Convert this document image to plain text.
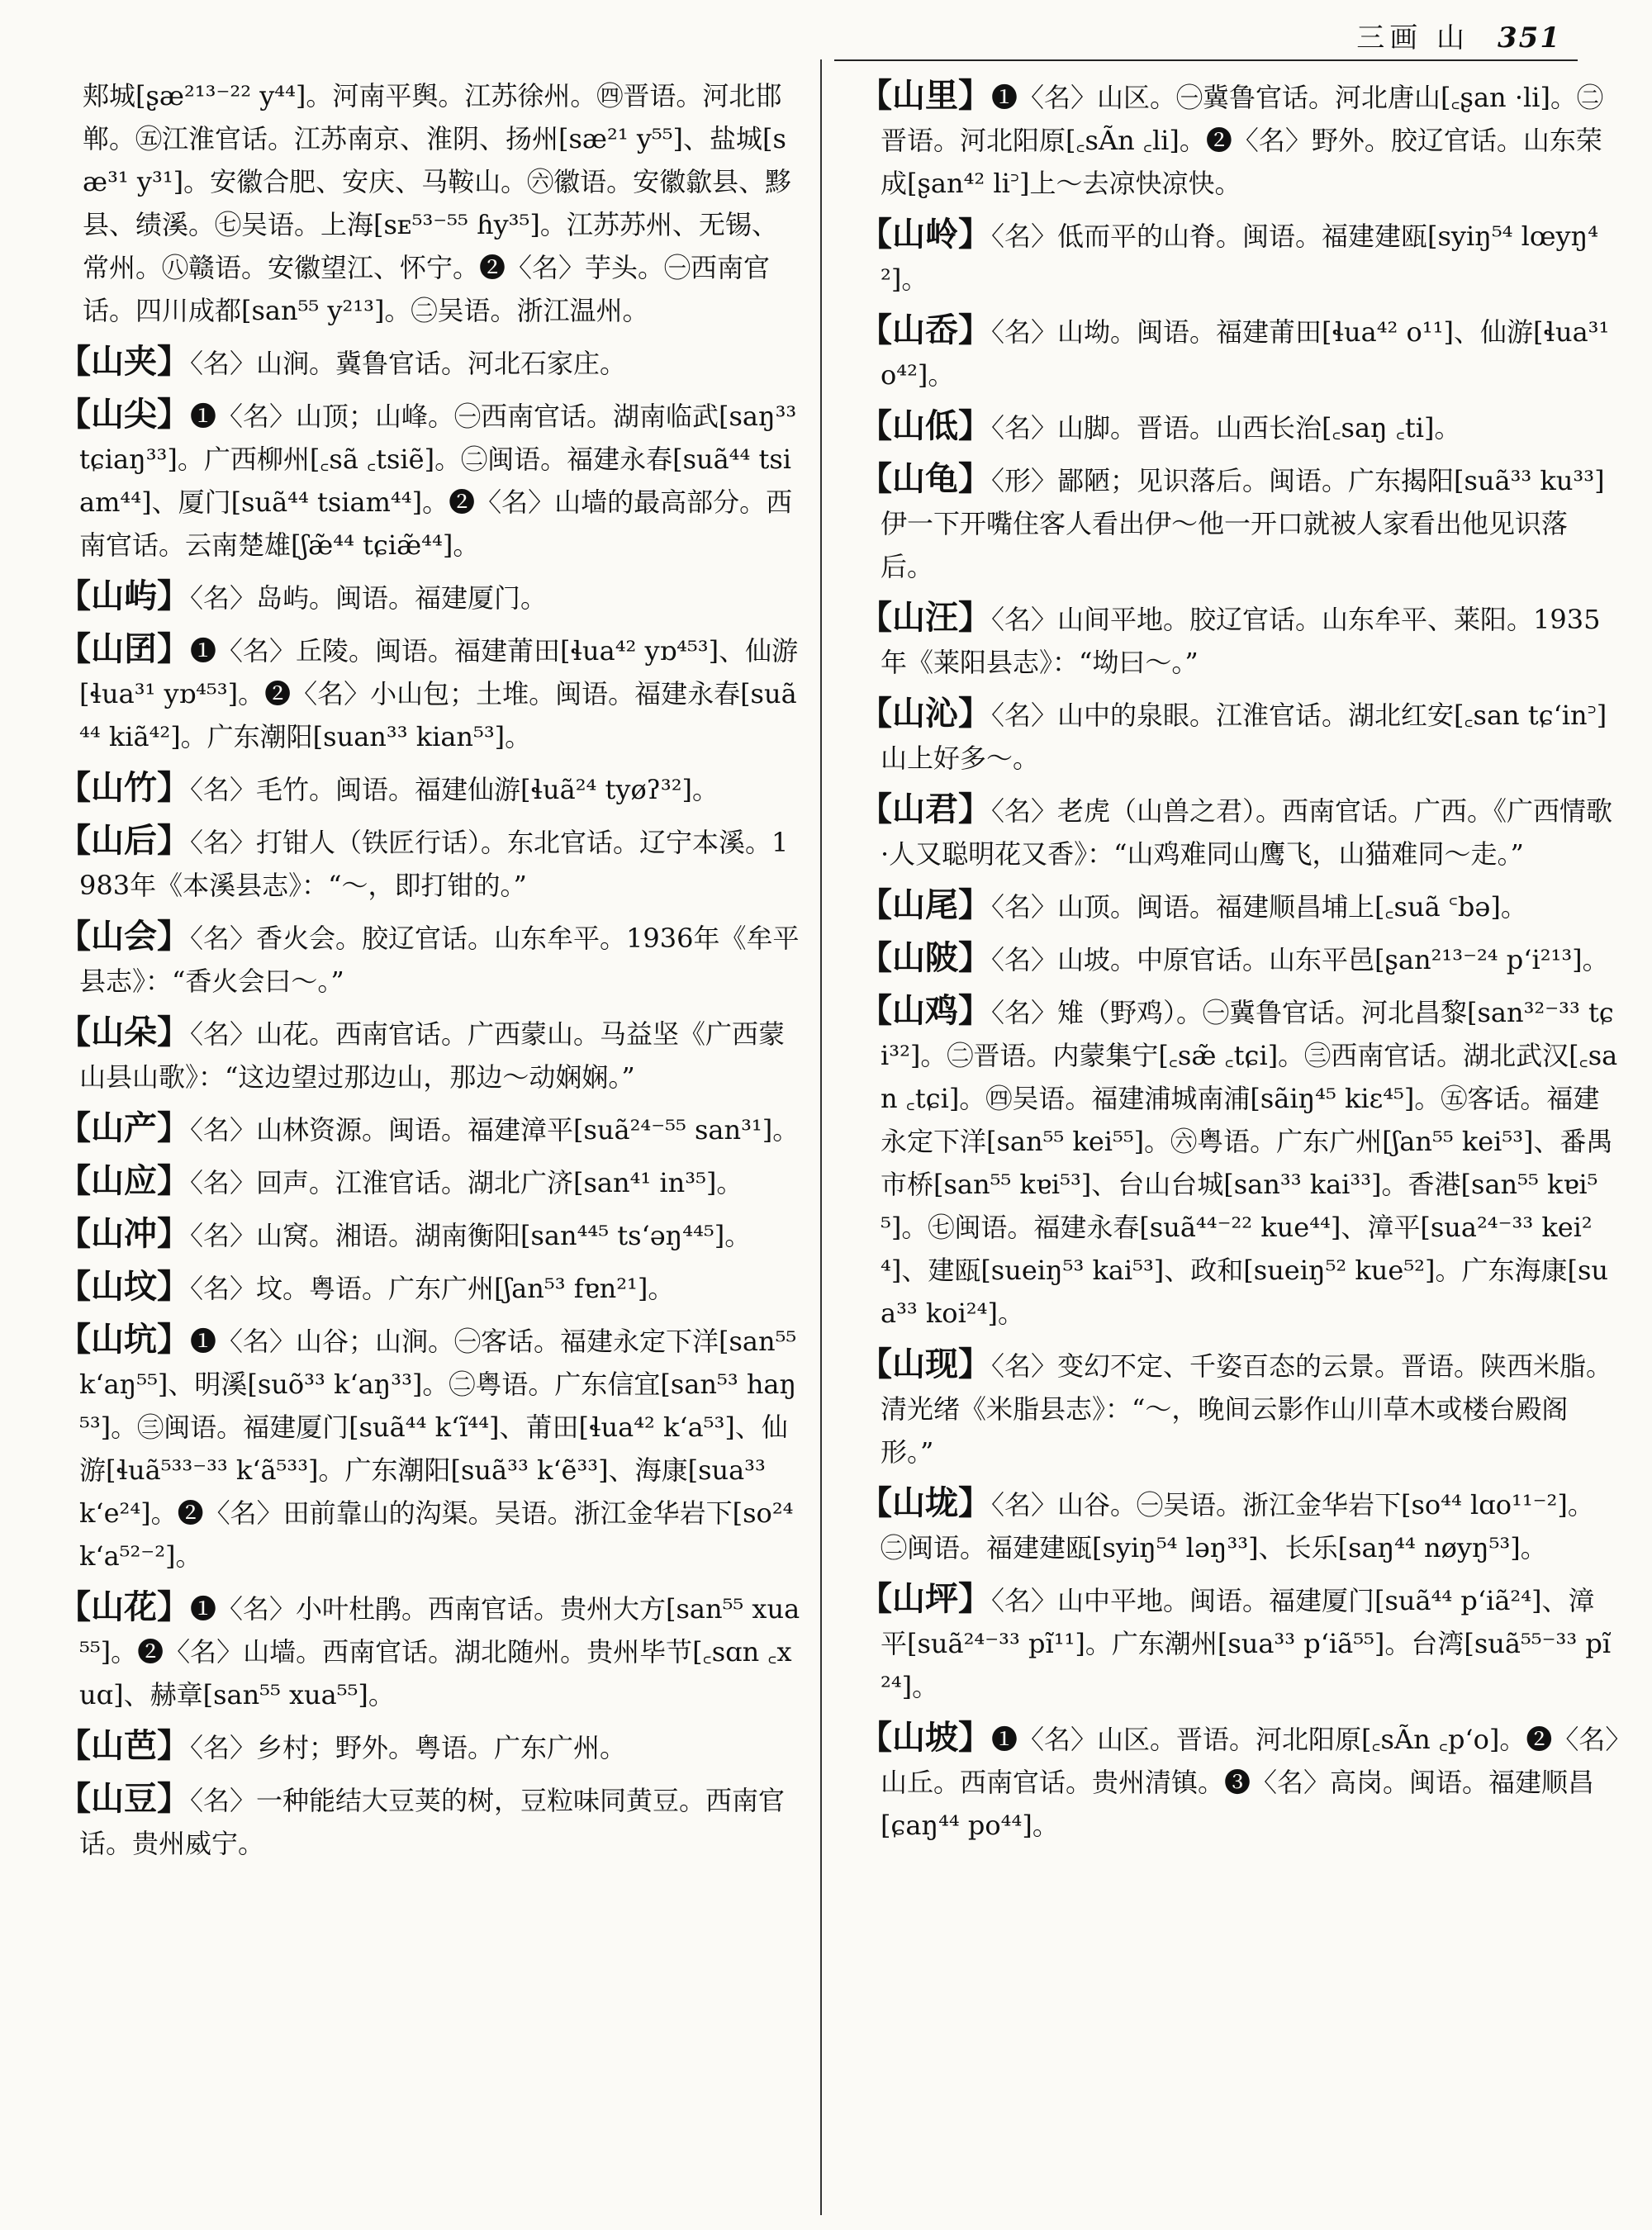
三画 山 351

郏城[ʂæ²¹³⁻²² y⁴⁴]。河南平舆。江苏徐州。㊃晋语。河北邯郸。㊄江淮官话。江苏南京、淮阴、扬州[sæ²¹ y⁵⁵]、盐城[sæ³¹ y³¹]。安徽合肥、安庆、马鞍山。㊅徽语。安徽歙县、黟县、绩溪。㊆吴语。上海[sᴇ⁵³⁻⁵⁵ ɦy³⁵]。江苏苏州、无锡、常州。㊇赣语。安徽望江、怀宁。❷〈名〉芋头。㊀西南官话。四川成都[san⁵⁵ y²¹³]。㊁吴语。浙江温州。

【 山夹 】 〈名〉山涧。冀鲁官话。河北石家庄。

【 山尖 】 ❶〈名〉山顶；山峰。㊀西南官话。湖南临武[saŋ³³ tɕiaŋ³³]。广西柳州[꜀sã ꜀tsiẽ]。㊁闽语。福建永春[suã⁴⁴ tsiam⁴⁴]、厦门[suã⁴⁴ tsiam⁴⁴]。❷〈名〉山墙的最高部分。西南官话。云南楚雄[ʃæ̃⁴⁴ tɕiæ̃⁴⁴]。

【 山屿 】 〈名〉岛屿。闽语。福建厦门。

【 山囝 】 ❶〈名〉丘陵。闽语。福建莆田[ɬua⁴² yɒ⁴⁵³]、仙游[ɬua³¹ yɒ⁴⁵³]。❷〈名〉小山包；土堆。闽语。福建永春[suã⁴⁴ kiã⁴²]。广东潮阳[suan³³ kian⁵³]。

【 山竹 】 〈名〉毛竹。闽语。福建仙游[ɬuã²⁴ tyøʔ³²]。

【 山后 】 〈名〉打钳人（铁匠行话）。东北官话。辽宁本溪。1983年《本溪县志》：“～，即打钳的。”

【 山会 】 〈名〉香火会。胶辽官话。山东牟平。1936年《牟平县志》：“香火会曰～。”

【 山朵 】 〈名〉山花。西南官话。广西蒙山。马益坚《广西蒙山县山歌》：“这边望过那边山，那边～动娴娴。”

【 山产 】 〈名〉山林资源。闽语。福建漳平[suã²⁴⁻⁵⁵ san³¹]。

【 山应 】 〈名〉回声。江淮官话。湖北广济[san⁴¹ in³⁵]。

【 山冲 】 〈名〉山窝。湘语。湖南衡阳[san⁴⁴⁵ ts‘əŋ⁴⁴⁵]。

【 山坟 】 〈名〉坟。粤语。广东广州[ʃan⁵³ fɐn²¹]。

【 山坑 】 ❶〈名〉山谷；山涧。㊀客话。福建永定下洋[san⁵⁵ k‘aŋ⁵⁵]、明溪[suõ³³ k‘aŋ³³]。㊁粤语。广东信宜[san⁵³ haŋ⁵³]。㊂闽语。福建厦门[suã⁴⁴ k‘ĩ⁴⁴]、莆田[ɬua⁴² k‘a⁵³]、仙游[ɬuã⁵³³⁻³³ k‘ã⁵³³]。广东潮阳[suã³³ k‘ẽ³³]、海康[sua³³ k‘e²⁴]。❷〈名〉田前靠山的沟渠。吴语。浙江金华岩下[so²⁴ k‘a⁵²⁻²]。

【 山花 】 ❶〈名〉小叶杜鹃。西南官话。贵州大方[san⁵⁵ xua⁵⁵]。❷〈名〉山墙。西南官话。湖北随州。贵州毕节[꜀sɑn ꜀xuɑ]、赫章[san⁵⁵ xua⁵⁵]。

【 山芭 】 〈名〉乡村；野外。粤语。广东广州。

【 山豆 】 〈名〉一种能结大豆荚的树，豆粒味同黄豆。西南官话。贵州威宁。

【 山里 】 ❶〈名〉山区。㊀冀鲁官话。河北唐山[꜀ʂan ·li]。㊁晋语。河北阳原[꜀sÃn ꜀li]。❷〈名〉野外。胶辽官话。山东荣成[ʂan⁴² li꜄]上～去凉快凉快。

【 山岭 】 〈名〉低而平的山脊。闽语。福建建瓯[syiŋ⁵⁴ lœyŋ⁴²]。

【 山岙 】 〈名〉山坳。闽语。福建莆田[ɬua⁴² o¹¹]、仙游[ɬua³¹ o⁴²]。

【 山低 】 〈名〉山脚。晋语。山西长治[꜀saŋ ꜀ti]。

【 山龟 】 〈形〉鄙陋；见识落后。闽语。广东揭阳[suã³³ ku³³]伊一下开嘴住客人看出伊～他一开口就被人家看出他见识落后。

【 山汪 】 〈名〉山间平地。胶辽官话。山东牟平、莱阳。1935年《莱阳县志》：“坳曰～。”

【 山沁 】 〈名〉山中的泉眼。江淮官话。湖北红安[꜀san tɕ‘in꜄]山上好多～。

【 山君 】 〈名〉老虎（山兽之君）。西南官话。广西。《广西情歌·人又聪明花又香》：“山鸡难同山鹰飞，山猫难同～走。”

【 山尾 】 〈名〉山顶。闽语。福建顺昌埔上[꜀suã ꜂bə]。

【 山陂 】 〈名〉山坡。中原官话。山东平邑[ʂan²¹³⁻²⁴ p‘i²¹³]。

【 山鸡 】 〈名〉雉（野鸡）。㊀冀鲁官话。河北昌黎[san³²⁻³³ tɕi³²]。㊁晋语。内蒙集宁[꜀sæ̃ ꜀tɕi]。㊂西南官话。湖北武汉[꜀san ꜀tɕi]。㊃吴语。福建浦城南浦[sãiŋ⁴⁵ kiɛ⁴⁵]。㊄客话。福建永定下洋[san⁵⁵ kei⁵⁵]。㊅粤语。广东广州[ʃan⁵⁵ kei⁵³]、番禺市桥[san⁵⁵ kɐi⁵³]、台山台城[san³³ kai³³]。香港[san⁵⁵ kɐi⁵⁵]。㊆闽语。福建永春[suã⁴⁴⁻²² kue⁴⁴]、漳平[sua²⁴⁻³³ kei²⁴]、建瓯[sueiŋ⁵³ kai⁵³]、政和[sueiŋ⁵² kue⁵²]。广东海康[sua³³ koi²⁴]。

【 山现 】 〈名〉变幻不定、千姿百态的云景。晋语。陕西米脂。清光绪《米脂县志》：“～，晚间云影作山川草木或楼台殿阁形。”

【 山垅 】 〈名〉山谷。㊀吴语。浙江金华岩下[so⁴⁴ lɑo¹¹⁻²]。㊁闽语。福建建瓯[syiŋ⁵⁴ ləŋ³³]、长乐[saŋ⁴⁴ nøyŋ⁵³]。

【 山坪 】 〈名〉山中平地。闽语。福建厦门[suã⁴⁴ p‘iã²⁴]、漳平[suã²⁴⁻³³ pĩ¹¹]。广东潮州[sua³³ p‘iã⁵⁵]。台湾[suã⁵⁵⁻³³ pĩ²⁴]。

【 山坡 】 ❶〈名〉山区。晋语。河北阳原[꜀sÃn ꜀p‘o]。❷〈名〉山丘。西南官话。贵州清镇。❸〈名〉高岗。闽语。福建顺昌[ɕaŋ⁴⁴ po⁴⁴]。
